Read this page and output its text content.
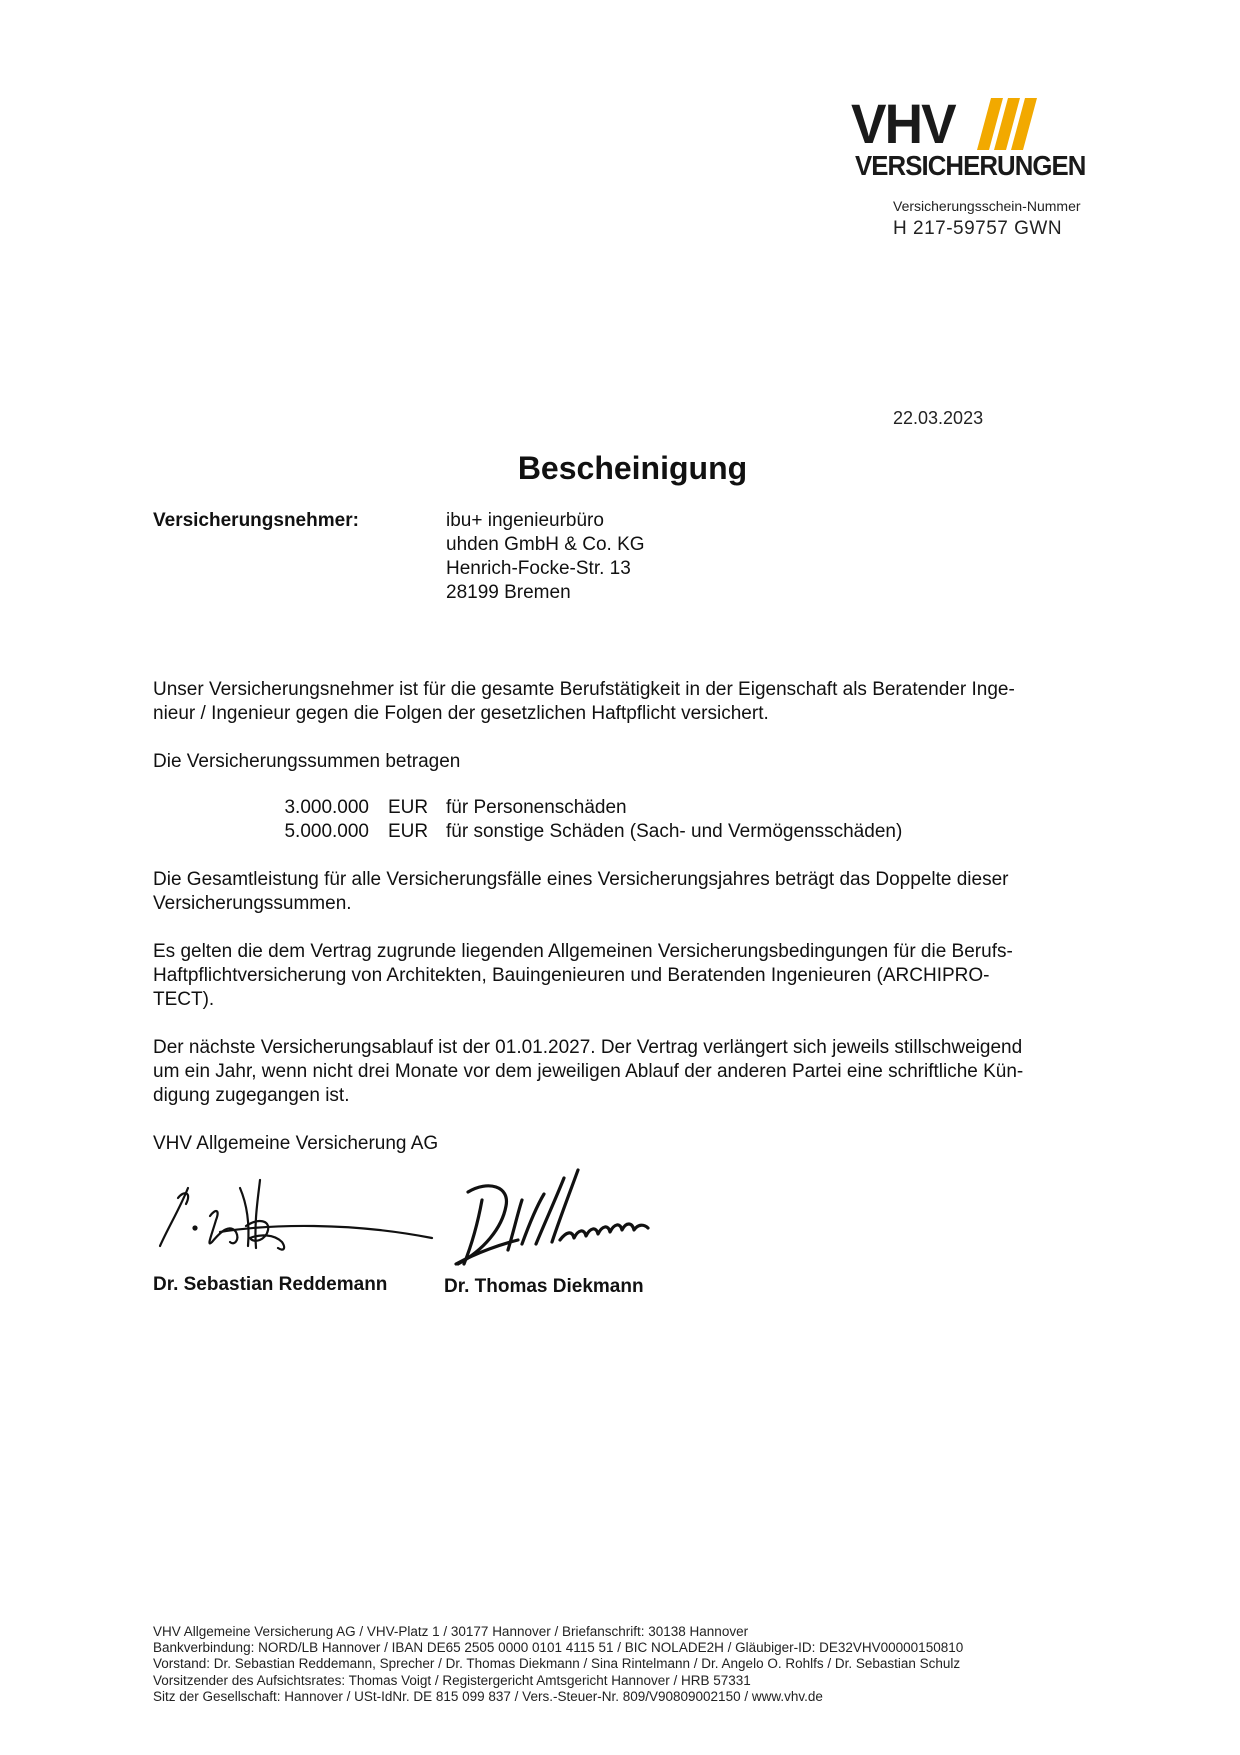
VHV
VERSICHERUNGEN
Versicherungsschein-Nummer
H 217-59757 GWN
22.03.2023
Bescheinigung
Versicherungsnehmer:	ibu+ ingenieurbüro
uhden GmbH & Co. KG
Henrich-Focke-Str. 13
28199 Bremen
Unser Versicherungsnehmer ist für die gesamte Berufstätigkeit in der Eigenschaft als Beratender Inge-
nieur / Ingenieur gegen die Folgen der gesetzlichen Haftpflicht versichert.
Die Versicherungssummen betragen
3.000.000 EUR für Personenschäden
5.000.000 EUR für sonstige Schäden (Sach- und Vermögensschäden)
Die Gesamtleistung für alle Versicherungsfälle eines Versicherungsjahres beträgt das Doppelte dieser
Versicherungssummen.
Es gelten die dem Vertrag zugrunde liegenden Allgemeinen Versicherungsbedingungen für die Berufs-
Haftpflichtversicherung von Architekten, Bauingenieuren und Beratenden Ingenieuren (ARCHIPRO-
TECT).
Der nächste Versicherungsablauf ist der 01.01.2027. Der Vertrag verlängert sich jeweils stillschweigend
um ein Jahr, wenn nicht drei Monate vor dem jeweiligen Ablauf der anderen Partei eine schriftliche Kün-
digung zugegangen ist.
VHV Allgemeine Versicherung AG
Dr. Sebastian Reddemann	Dr. Thomas Diekmann
VHV Allgemeine Versicherung AG / VHV-Platz 1 / 30177 Hannover / Briefanschrift: 30138 Hannover
Bankverbindung: NORD/LB Hannover / IBAN DE65 2505 0000 0101 4115 51 / BIC NOLADE2H / Gläubiger-ID: DE32VHV00000150810
Vorstand: Dr. Sebastian Reddemann, Sprecher / Dr. Thomas Diekmann / Sina Rintelmann / Dr. Angelo O. Rohlfs / Dr. Sebastian Schulz
Vorsitzender des Aufsichtsrates: Thomas Voigt / Registergericht Amtsgericht Hannover / HRB 57331
Sitz der Gesellschaft: Hannover / USt-IdNr. DE 815 099 837 / Vers.-Steuer-Nr. 809/V90809002150 / www.vhv.de
